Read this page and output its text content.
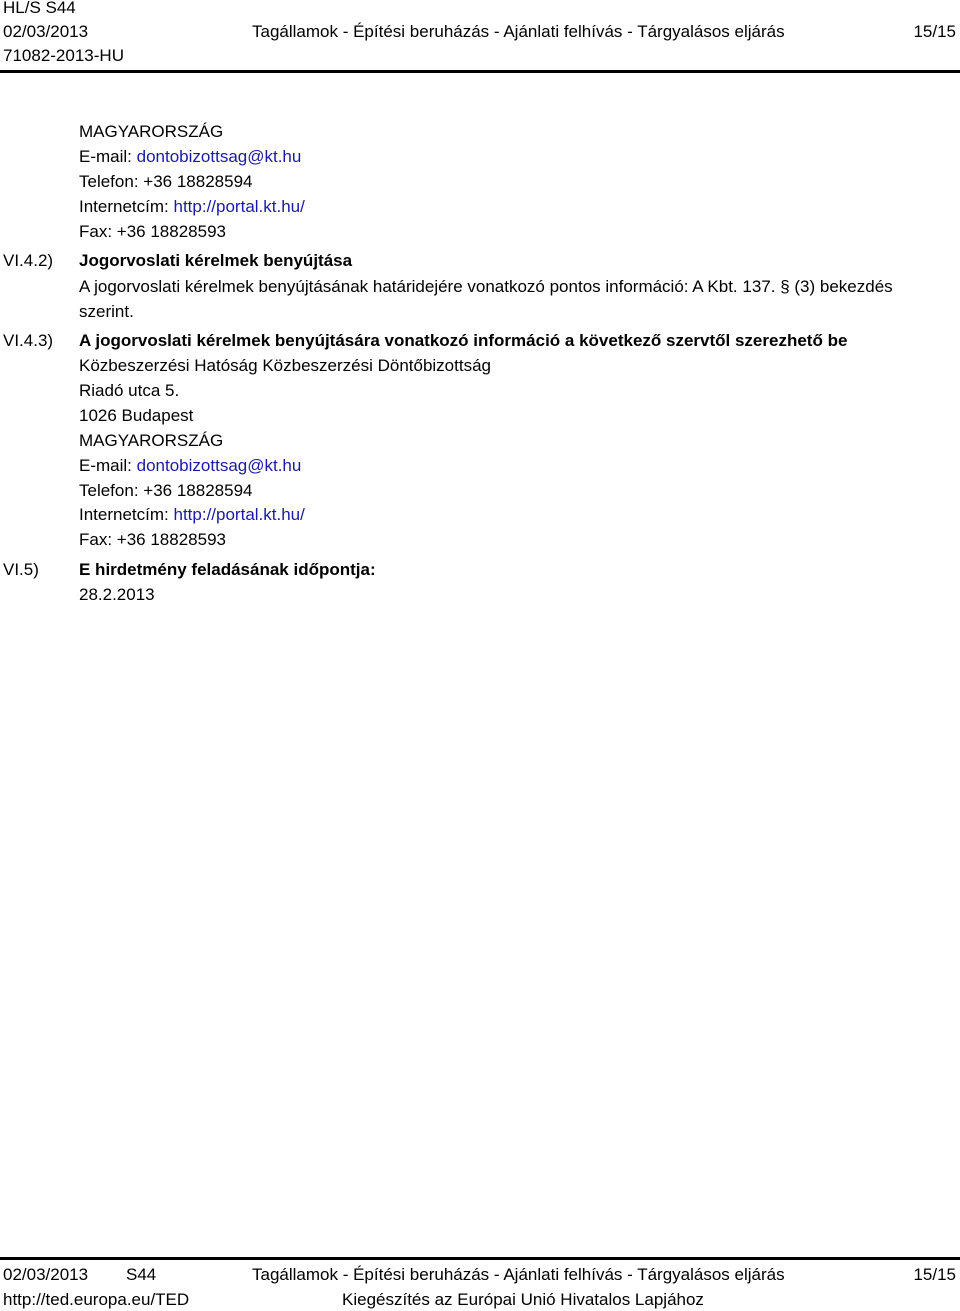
HL/S S44
02/03/2013	Tagállamok - Építési beruházás - Ajánlati felhívás - Tárgyalásos eljárás	15/15
71082-2013-HU
MAGYARORSZÁG
E-mail: dontobizottsag@kt.hu
Telefon: +36 18828594
Internetcím: http://portal.kt.hu/
Fax: +36 18828593
VI.4.2) Jogorvoslati kérelmek benyújtása
A jogorvoslati kérelmek benyújtásának határidejére vonatkozó pontos információ: A Kbt. 137. § (3) bekezdés szerint.
VI.4.3) A jogorvoslati kérelmek benyújtására vonatkozó információ a következő szervtől szerezhető be
Közbeszerzési Hatóság Közbeszerzési Döntőbizottság
Riadó utca 5.
1026 Budapest
MAGYARORSZÁG
E-mail: dontobizottsag@kt.hu
Telefon: +36 18828594
Internetcím: http://portal.kt.hu/
Fax: +36 18828593
VI.5) E hirdetmény feladásának időpontja:
28.2.2013
02/03/2013 S44	Tagállamok - Építési beruházás - Ajánlati felhívás - Tárgyalásos eljárás	15/15
http://ted.europa.eu/TED	Kiegészítés az Európai Unió Hivatalos Lapjához
